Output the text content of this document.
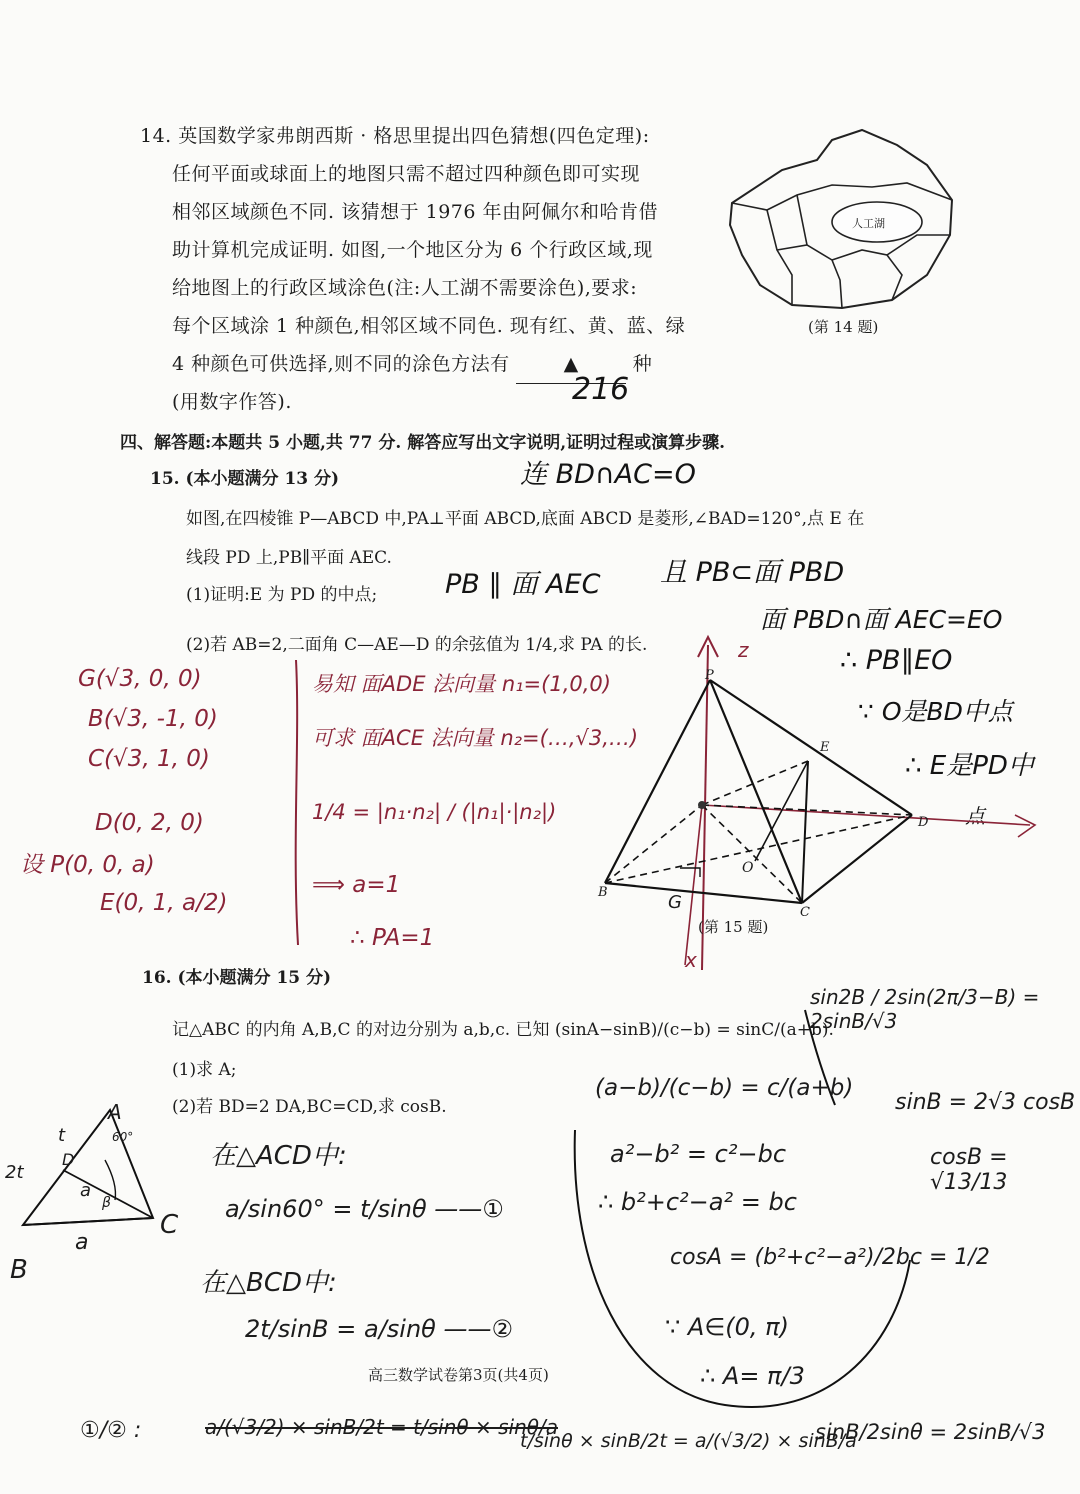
14. 英国数学家弗朗西斯 · 格思里提出四色猜想(四色定理):
任何平面或球面上的地图只需不超过四种颜色即可实现
相邻区域颜色不同. 该猜想于 1976 年由阿佩尔和哈肯借
助计算机完成证明. 如图,一个地区分为 6 个行政区域,现
给地图上的行政区域涂色(注:人工湖不需要涂色),要求:
每个区域涂 1 种颜色,相邻区域不同色. 现有红、黄、蓝、绿
4 种颜色可供选择,则不同的涂色方法有	▲	种
(用数字作答).	216
人工湖
(第 14 题)
四、解答题:本题共 5 小题,共 77 分. 解答应写出文字说明,证明过程或演算步骤.
15. (本小题满分 13 分)	连 BD∩AC=O
如图,在四棱锥 P—ABCD 中,PA⊥平面 ABCD,底面 ABCD 是菱形,∠BAD=120°,点 E 在
线段 PD 上,PB∥平面 AEC.
(1)证明:E 为 PD 的中点;	PB ∥ 面 AEC 且 PB⊂面 PBD
(2)若 AB=2,二面角 C—AE—D 的余弦值为 1/4,求 PA 的长.
面 PBD∩面 AEC=EO
∴ PB∥EO
∵ O是BD中点
∴ E是PD中
点
G(√3, 0, 0)
B(√3, -1, 0)
C(√3, 1, 0)
D(0, 2, 0)
设 P(0, 0, a)
E(0, 1, a/2)
易知 面ADE 法向量 n₁=(1,0,0)
可求 面ACE 法向量 n₂=(…,√3,…)
1/4 = |n₁·n₂| / (|n₁|·|n₂|)
⟹ a=1
∴ PA=1
P
E
D
B
C
O
G
z
x
(第 15 题)
16. (本小题满分 15 分)
记△ABC 的内角 A,B,C 的对边分别为 a,b,c. 已知 (sinA−sinB)/(c−b) = sinC/(a+b).
(1)求 A;
(2)若 BD=2 DA,BC=CD,求 cosB.
t
2t
a
a
B
C
A
D
60°
β
在△ACD中:
a/sin60° = t/sinθ ——①
在△BCD中:
2t/sinB = a/sinθ ——②
高三数学试卷第3页(共4页)
①/② :	a/(√3/2) × sinB/2t = t/sinθ × sinθ/a
t/sinθ × sinB/2t = a/(√3/2) × sinB/a
sinB/2sinθ = 2sinB/√3
(a−b)/(c−b) = c/(a+b)
a²−b² = c²−bc
∴ b²+c²−a² = bc
cosA = (b²+c²−a²)/2bc = 1/2
∵ A∈(0, π)
∴ A= π/3
sin2B / 2sin(2π/3−B) = 2sinB/√3
sinB = 2√3 cosB
cosB = √13/13
